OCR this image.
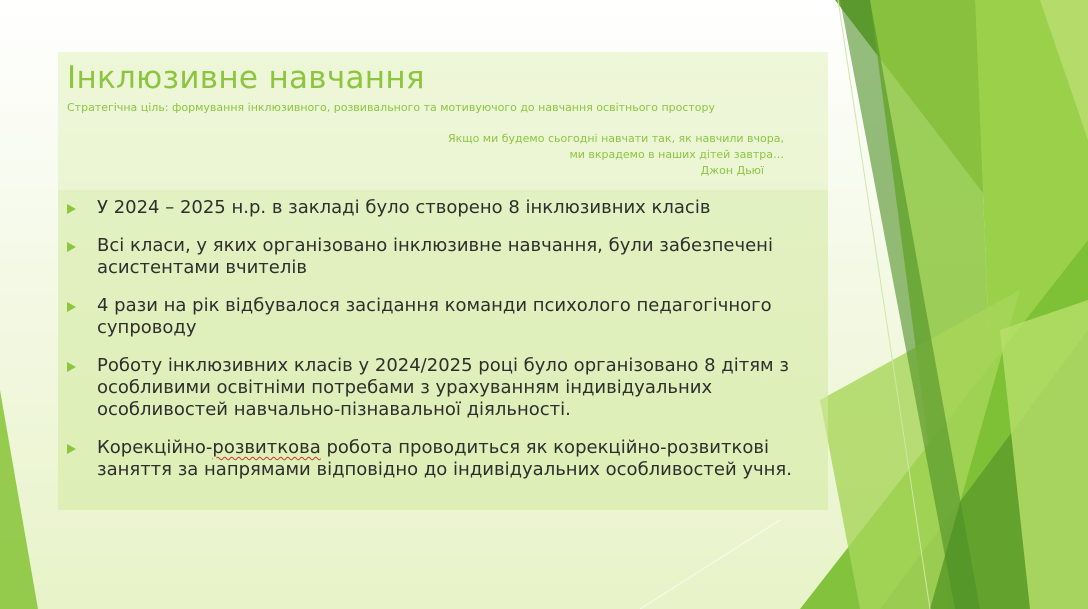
Інклюзивне навчання

Стратегічна ціль: формування інклюзивного, розвивального та мотивуючого до навчання освітнього простору

Якщо ми будемо сьогодні навчати так, як навчили вчора,
ми вкрадемо в наших дітей завтра…

Джон Дьюї

У 2024 – 2025 н.р. в закладі було створено 8 інклюзивних класів
Всі класи, у яких організовано інклюзивне навчання, були забезпечені асистентами вчителів
4 рази на рік відбувалося засідання команди психолого педагогічного супроводу
Роботу інклюзивних класів у 2024/2025 році було організовано 8 дітям з особливими освітніми потребами з урахуванням індивідуальних особливостей навчально-пізнавальної діяльності.
Корекційно-розвиткова робота проводиться як корекційно-розвиткові заняття за напрямами відповідно до індивідуальних особливостей учня.
